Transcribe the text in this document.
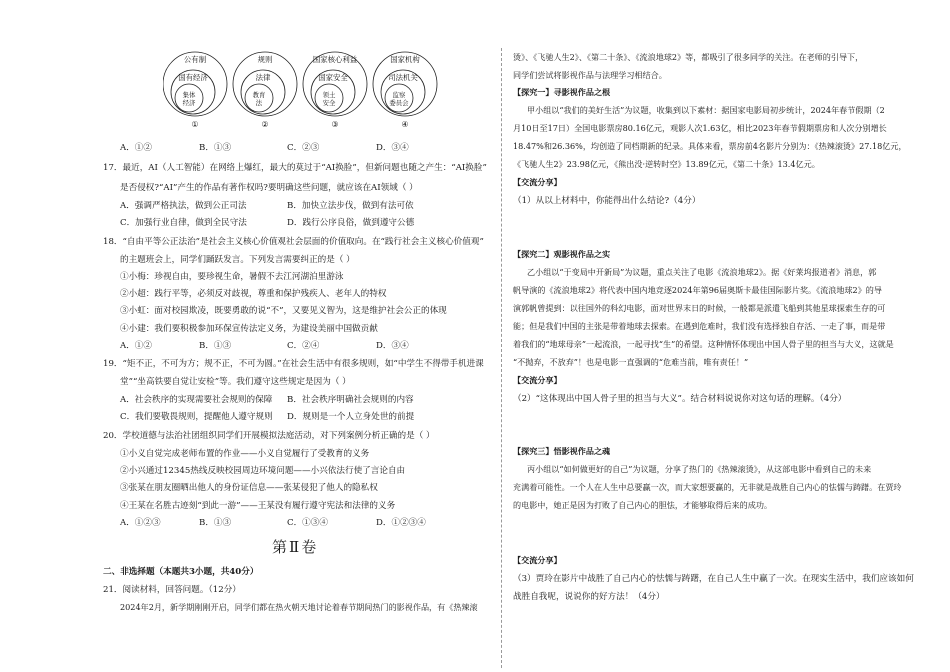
公有制
国有经济
集体
经济
①
规则
法律
教育
法
②
国家核心利益
国家安全
领土
安全
③
国家机构
司法机关
监察
委员会
④
A．①②	B．①③	C．②③	D．③④
17．最近，AI（人工智能）在网络上爆红，最大的莫过于“AI换脸”，但新问题也随之产生：“AI换脸”
是否侵权?“AI”产生的作品有著作权吗?要明确这些问题，就应该在AI领域（ ）
A．强调严格执法，做到公正司法	B．加快立法步伐，做到有法可依
C．加强行业自律，做到全民守法	D．践行公序良俗，做到遵守公德
18．“自由平等公正法治”是社会主义核心价值观社会层面的价值取向。在“践行社会主义核心价值观”
的主题班会上，同学们踊跃发言。下列发言需要纠正的是（ ）
①小梅：珍视自由，要珍视生命，暑假不去江河湖泊里游泳
②小超：践行平等，必须反对歧视，尊重和保护残疾人、老年人的特权
③小虹：面对校园欺凌，既要勇敢的说“不”，又要见义智为，这是维护社会公正的体现
④小建：我们要积极参加环保宣传法定义务，为建设美丽中国做贡献
A．①②	B．①③	C．②④	D．③④
19．“矩不正，不可为方；规不正，不可为圆。”在社会生活中有很多规则，如“中学生不得带手机进课
堂”“坐高铁要自觉让安检”等。我们遵守这些规定是因为（ ）
A．社会秩序的实现需要社会规则的保障 B．社会秩序明确社会规则的内容
C．我们要敬畏规则，提醒他人遵守规则 D．规则是一个人立身处世的前提
20．学校道德与法治社团组织同学们开展模拟法庭活动，对下列案例分析正确的是（ ）
①小义自觉完成老师布置的作业——小义自觉履行了受教育的义务
②小兴通过12345热线反映校园周边环境问题——小兴依法行使了言论自由
③张某在朋友圈晒出他人的身份证信息——张某侵犯了他人的隐私权
④王某在名胜古迹刻“到此一游”——王某没有履行遵守宪法和法律的义务
A．①②③	B．①③	C．①③④	D．①②③④
第Ⅱ卷
二、非选择题（本题共3小题，共40分）
21．阅读材料，回答问题。（12分）
2024年2月，新学期刚刚开启，同学们都在热火朝天地讨论着春节期间热门的影视作品，有《热辣滚
烫》、《飞驰人生2》、《第二十条》、《流浪地球2》等，都吸引了很多同学的关注。在老师的引导下，
同学们尝试将影视作品与法理学习相结合。
【探究一】寻影视作品之根
甲小组以“我们的美好生活”为议题，收集到以下素材：据国家电影局初步统计，2024年春节假期（2
月10日至17日）全国电影票房80.16亿元，观影人次1.63亿，相比2023年春节假期票房和人次分别增长
18.47%和26.36%，均创造了同档期新的纪录。具体来看，票房前4名影片分别为：《热辣滚烫》27.18亿元，
《飞驰人生2》23.98亿元，《熊出没·逆转时空》13.89亿元，《第二十条》13.4亿元。
【交流分享】
（1）从以上材料中，你能得出什么结论?（4分）
【探究二】观影视作品之实
乙小组以“于变局中开新局”为议题，重点关注了电影《流浪地球2》。据《好莱坞报道者》消息，郭
帆导演的《流浪地球2》将代表中国内地竞逐2024年第96届奥斯卡最佳国际影片奖。《流浪地球2》的导
演郭帆曾提到：以往国外的科幻电影，面对世界末日的时候，一般都是派遣飞船到其他星球探索生存的可
能；但是我们中国的主张是带着地球去探索。在遇到危难时，我们没有选择独自存活、一走了事，而是带
着我们的“地球母亲”一起流浪，一起寻找“生”的希望。这种情怀体现出中国人骨子里的担当与大义，这就是
“不抛弃，不放弃”！也是电影一直强调的“危难当前，唯有责任！”
【交流分享】
（2）“这体现出中国人骨子里的担当与大义”。结合材料说说你对这句话的理解。（4分）
【探究三】悟影视作品之魂
丙小组以“如何做更好的自己”为议题，分享了热门的《热辣滚烫》，从这部电影中看到自己的未来
充满着可能性。一个人在人生中总要赢一次，而大家想要赢的，无非就是战胜自己内心的怯懦与踌躇。在贾玲
的电影中，她正是因为打败了自己内心的胆怯，才能够取得后来的成功。
【交流分享】
（3）贾玲在影片中战胜了自己内心的怯懦与踌躇，在自己人生中赢了一次。在现实生活中，我们应该如何
战胜自我呢，说说你的好方法！（4分）
